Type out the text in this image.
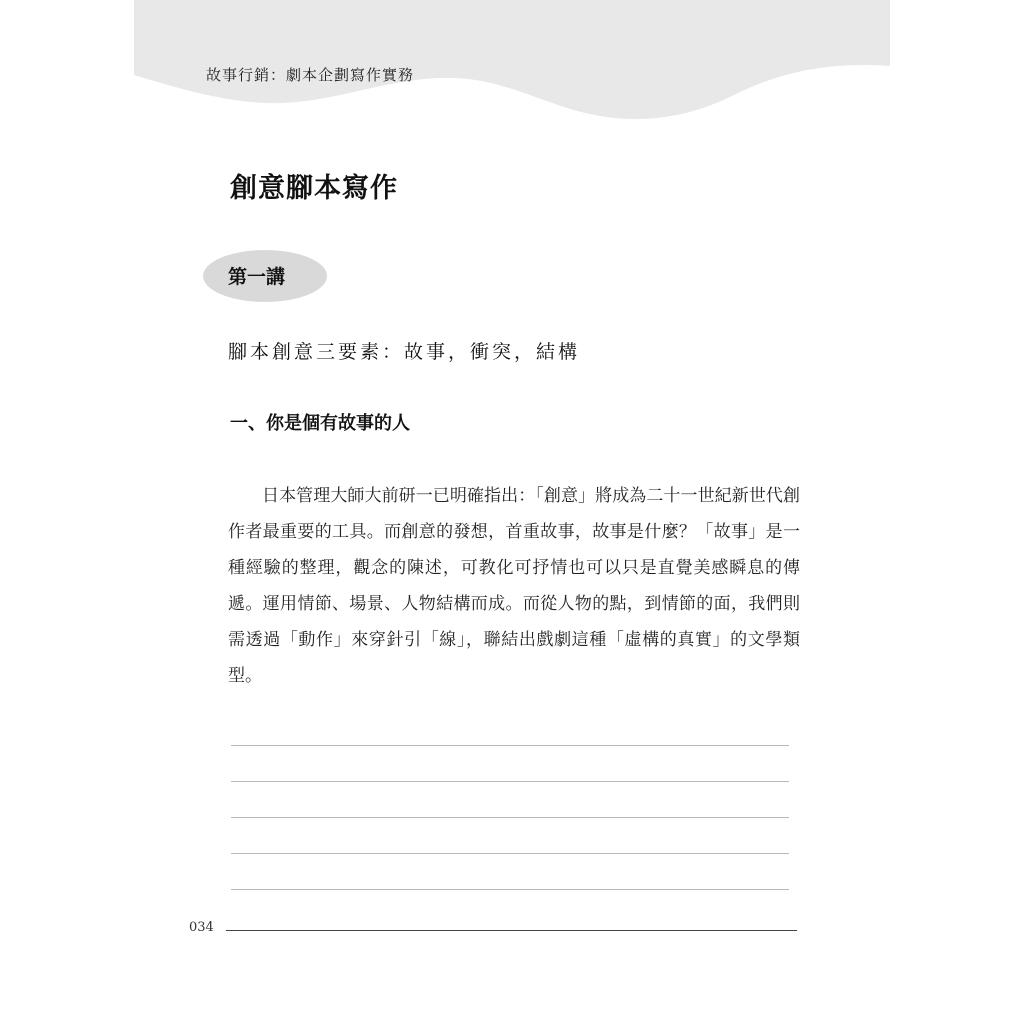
故事行銷：劇本企劃寫作實務
創意腳本寫作
第一講
腳本創意三要素：故事，衝突，結構
一、你是個有故事的人

日本管理大師大前研一已明確指出：「創意」將成為二十一世紀新世代創作者最重要的工具。而創意的發想，首重故事，故事是什麼？「故事」是一種經驗的整理，觀念的陳述，可教化可抒情也可以只是直覺美感瞬息的傳遞。運用情節、場景、人物結構而成。而從人物的點，到情節的面，我們則需透過「動作」來穿針引「線」，聯結出戲劇這種「虛構的真實」的文學類型。

034
